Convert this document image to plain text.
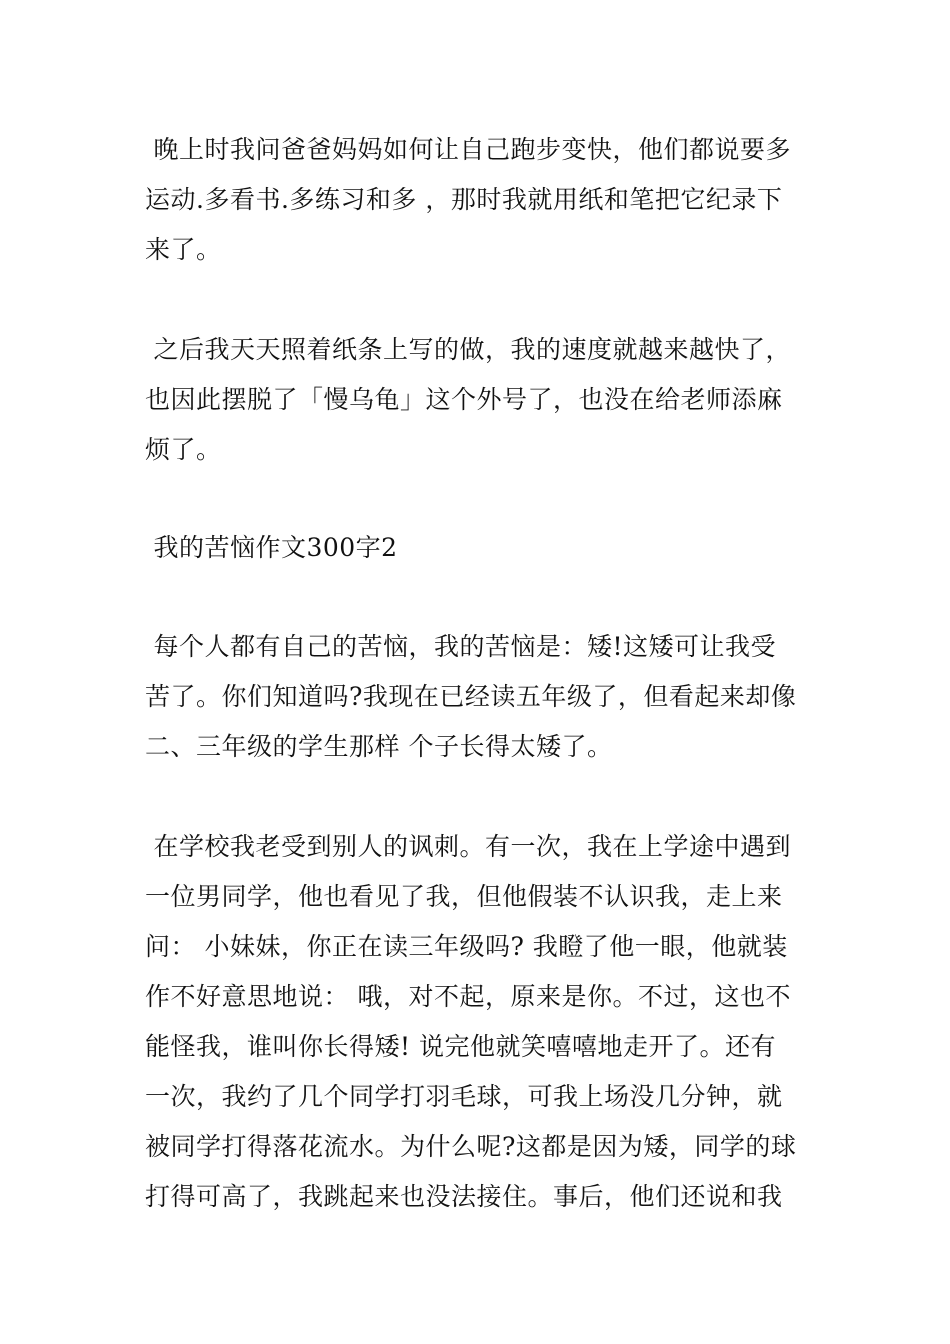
晚上时我问爸爸妈妈如何让自己跑步变快，他们都说要多
运动.多看书.多练习和多 ，那时我就用纸和笔把它纪录下
来了。

之后我天天照着纸条上写的做，我的速度就越来越快了，
也因此摆脱了「慢乌龟」这个外号了，也没在给老师添麻
烦了。

我的苦恼作文300字2

每个人都有自己的苦恼，我的苦恼是：矮!这矮可让我受
苦了。你们知道吗?我现在已经读五年级了，但看起来却像
二、三年级的学生那样 个子长得太矮了。

在学校我老受到别人的讽刺。有一次，我在上学途中遇到
一位男同学，他也看见了我，但他假装不认识我，走上来
问： 小妹妹，你正在读三年级吗? 我瞪了他一眼，他就装
作不好意思地说： 哦，对不起，原来是你。不过，这也不
能怪我，谁叫你长得矮! 说完他就笑嘻嘻地走开了。还有
一次，我约了几个同学打羽毛球，可我上场没几分钟，就
被同学打得落花流水。为什么呢?这都是因为矮，同学的球
打得可高了，我跳起来也没法接住。事后，他们还说和我
